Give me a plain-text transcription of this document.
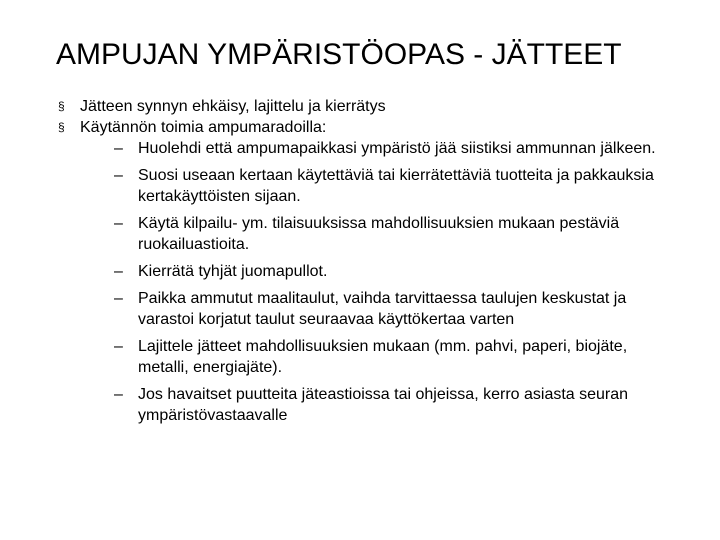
AMPUJAN YMPÄRISTÖOPAS - JÄTTEET
§ Jätteen synnyn ehkäisy, lajittelu ja kierrätys
§ Käytännön toimia ampumaradoilla:
– Huolehdi että ampumapaikkasi ympäristö jää siistiksi ammunnan jälkeen.
– Suosi useaan kertaan käytettäviä tai kierrätettäviä tuotteita ja pakkauksia kertakäyttöisten sijaan.
– Käytä kilpailu- ym. tilaisuuksissa mahdollisuuksien mukaan pestäviä ruokailuastioita.
– Kierrätä tyhjät juomapullot.
– Paikka ammutut maalitaulut, vaihda tarvittaessa taulujen keskustat ja varastoi korjatut taulut seuraavaa käyttökertaa varten
– Lajittele jätteet mahdollisuuksien mukaan (mm. pahvi, paperi, biojäte, metalli, energiajäte).
– Jos havaitset puutteita jäteastioissa tai ohjeissa, kerro asiasta seuran ympäristövastaavalle
